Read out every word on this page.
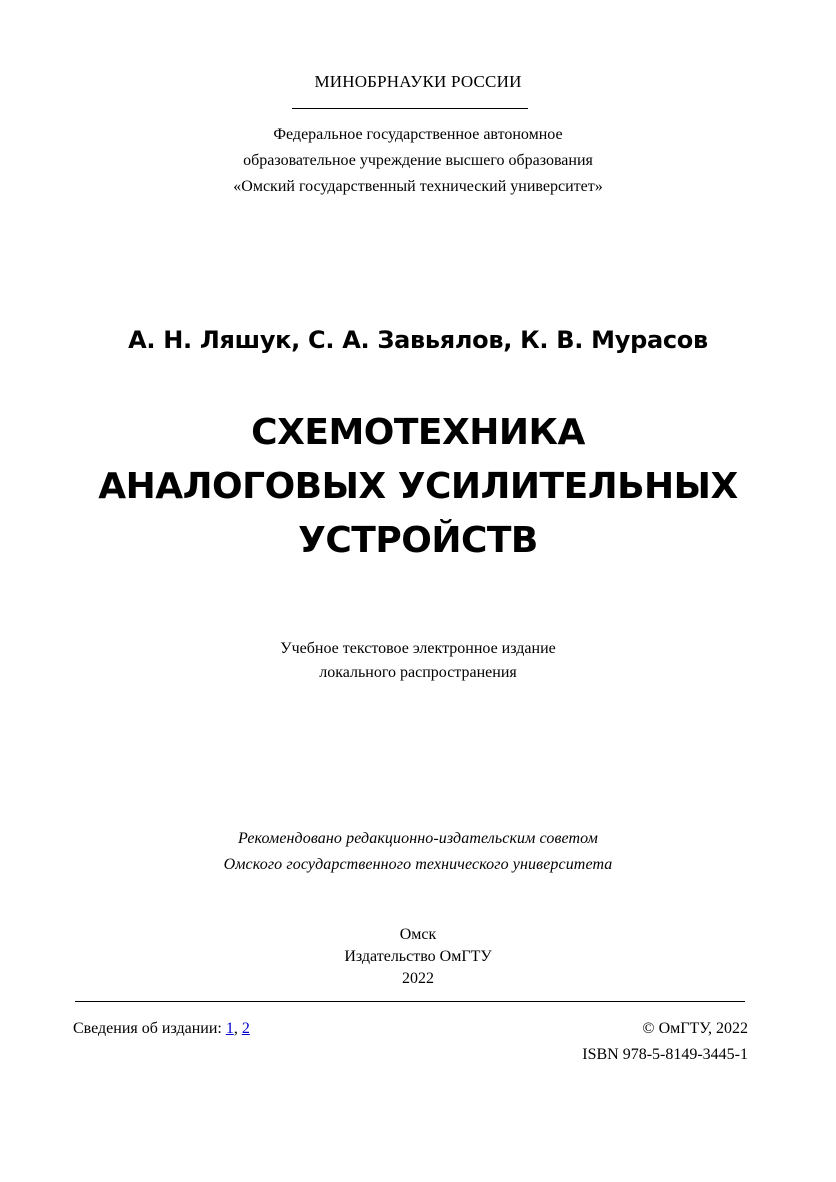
МИНОБРНАУКИ РОССИИ
Федеральное государственное автономное
образовательное учреждение высшего образования
«Омский государственный технический университет»
А. Н. Ляшук, С. А. Завьялов, К. В. Мурасов
СХЕМОТЕХНИКА
АНАЛОГОВЫХ УСИЛИТЕЛЬНЫХ
УСТРОЙСТВ
Учебное текстовое электронное издание
локального распространения
Рекомендовано редакционно-издательским советом
Омского государственного технического университета
Омск
Издательство ОмГТУ
2022
Сведения об издании: 1, 2	© ОмГТУ, 2022
ISBN 978-5-8149-3445-1
